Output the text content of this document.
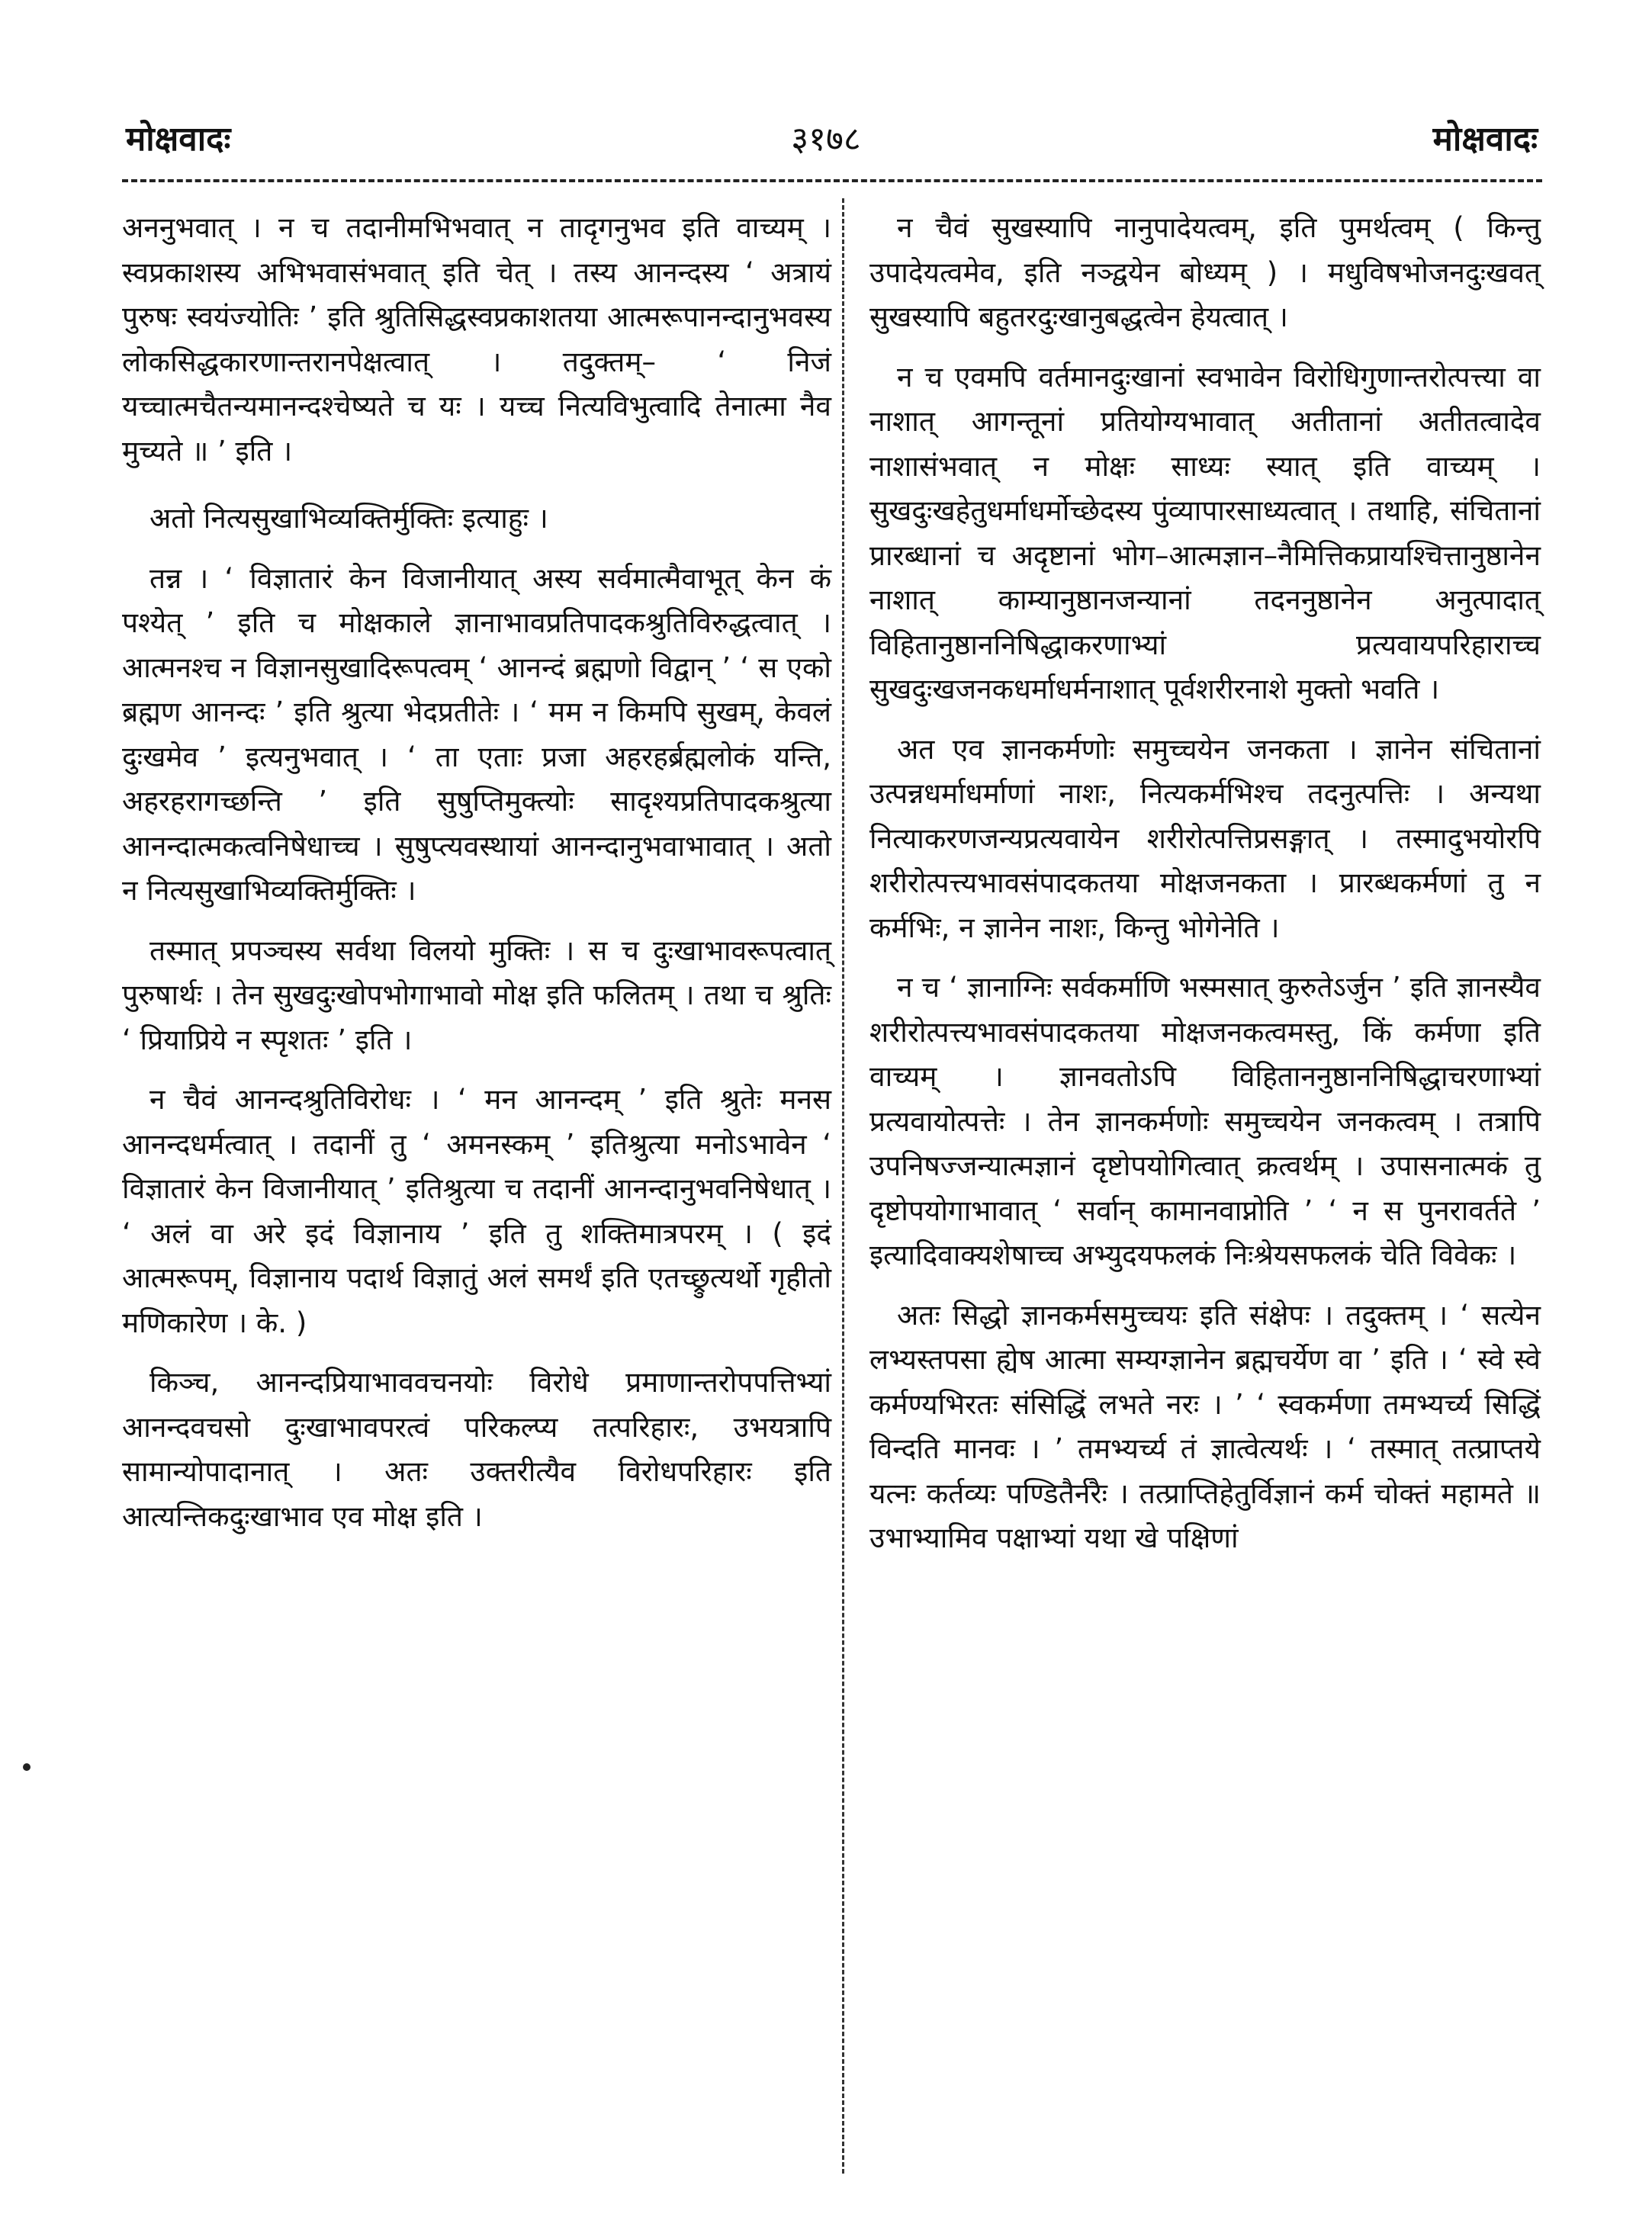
३१७८
मोक्षवादः	मोक्षवादः

अननुभवात् । न च तदानीमभिभवात् न तादृगनुभव इति वाच्यम् । स्वप्रकाशस्य अभिभवासंभवात् इति चेत् । तस्य आनन्दस्य ‘ अत्रायं पुरुषः स्वयंज्योतिः ’ इति श्रुतिसिद्धस्वप्रकाशतया आत्मरूपानन्दानुभवस्य लोकसिद्धकारणान्तरानपेक्षत्वात् । तदुक्तम्– ‘ निजं यच्चात्मचैतन्यमानन्दश्चेष्यते च यः । यच्च नित्यविभुत्वादि तेनात्मा नैव मुच्यते ॥ ’ इति ।

अतो नित्यसुखाभिव्यक्तिर्मुक्तिः इत्याहुः ।

तन्न । ‘ विज्ञातारं केन विजानीयात् अस्य सर्वमात्मैवाभूत् केन कं पश्येत् ’ इति च मोक्षकाले ज्ञानाभावप्रतिपादकश्रुतिविरुद्धत्वात् । आत्मनश्च न विज्ञानसुखादिरूपत्वम् ‘ आनन्दं ब्रह्मणो विद्वान् ’ ‘ स एको ब्रह्मण आनन्दः ’ इति श्रुत्या भेदप्रतीतेः । ‘ मम न किमपि सुखम्, केवलं दुःखमेव ’ इत्यनुभवात् । ‘ ता एताः प्रजा अहरहर्ब्रह्मलोकं यन्ति, अहरहरागच्छन्ति ’ इति सुषुप्तिमुक्त्योः सादृश्यप्रतिपादकश्रुत्या आनन्दात्मकत्वनिषेधाच्च । सुषुप्त्यवस्थायां आनन्दानुभवाभावात् । अतो न नित्यसुखाभिव्यक्तिर्मुक्तिः ।

तस्मात् प्रपञ्चस्य सर्वथा विलयो मुक्तिः । स च दुःखाभावरूपत्वात् पुरुषार्थः । तेन सुखदुःखोपभोगाभावो मोक्ष इति फलितम् । तथा च श्रुतिः ‘ प्रियाप्रिये न स्पृशतः ’ इति ।

न चैवं आनन्दश्रुतिविरोधः । ‘ मन आनन्दम् ’ इति श्रुतेः मनस आनन्दधर्मत्वात् । तदानीं तु ‘ अमनस्कम् ’ इतिश्रुत्या मनोऽभावेन ‘ विज्ञातारं केन विजानीयात् ’ इतिश्रुत्या च तदानीं आनन्दानुभवनिषेधात् । ‘ अलं वा अरे इदं विज्ञानाय ’ इति तु शक्तिमात्रपरम् । ( इदं आत्मरूपम्, विज्ञानाय पदार्थ विज्ञातुं अलं समर्थं इति एतच्छ्रुत्यर्थो गृहीतो मणिकारेण । के. )

किञ्च, आनन्दप्रियाभाववचनयोः विरोधे प्रमाणान्तरोपपत्तिभ्यां आनन्दवचसो दुःखाभावपरत्वं परिकल्प्य तत्परिहारः, उभयत्रापि सामान्योपादानात् । अतः उक्तरीत्यैव विरोधपरिहारः इति आत्यन्तिकदुःखाभाव एव मोक्ष इति ।

न चैवं सुखस्यापि नानुपादेयत्वम्, इति पुमर्थत्वम् ( किन्तु उपादेयत्वमेव, इति नञ्द्वयेन बोध्यम् ) । मधुविषभोजनदुःखवत् सुखस्यापि बहुतरदुःखानुबद्धत्वेन हेयत्वात् ।

न च एवमपि वर्तमानदुःखानां स्वभावेन विरोधिगुणान्तरोत्पत्त्या वा नाशात् आगन्तूनां प्रतियोग्यभावात् अतीतानां अतीतत्वादेव नाशासंभवात् न मोक्षः साध्यः स्यात् इति वाच्यम् । सुखदुःखहेतुधर्माधर्मोच्छेदस्य पुंव्यापारसाध्यत्वात् । तथाहि, संचितानां प्रारब्धानां च अदृष्टानां भोग–आत्मज्ञान–नैमित्तिकप्रायश्चित्तानुष्ठानेन नाशात् काम्यानुष्ठानजन्यानां तदननुष्ठानेन अनुत्पादात् विहितानुष्ठाननिषिद्धाकरणाभ्यां प्रत्यवायपरिहाराच्च सुखदुःखजनकधर्माधर्मनाशात् पूर्वशरीरनाशे मुक्तो भवति ।

अत एव ज्ञानकर्मणोः समुच्चयेन जनकता । ज्ञानेन संचितानां उत्पन्नधर्माधर्माणां नाशः, नित्यकर्मभिश्च तदनुत्पत्तिः । अन्यथा नित्याकरणजन्यप्रत्यवायेन शरीरोत्पत्तिप्रसङ्गात् । तस्मादुभयोरपि शरीरोत्पत्त्यभावसंपादकतया मोक्षजनकता । प्रारब्धकर्मणां तु न कर्मभिः, न ज्ञानेन नाशः, किन्तु भोगेनेति ।

न च ‘ ज्ञानाग्निः सर्वकर्माणि भस्मसात् कुरुतेऽर्जुन ’ इति ज्ञानस्यैव शरीरोत्पत्त्यभावसंपादकतया मोक्षजनकत्वमस्तु, किं कर्मणा इति वाच्यम् । ज्ञानवतोऽपि विहिताननुष्ठाननिषिद्धाचरणाभ्यां प्रत्यवायोत्पत्तेः । तेन ज्ञानकर्मणोः समुच्चयेन जनकत्वम् । तत्रापि उपनिषज्जन्यात्मज्ञानं दृष्टोपयोगित्वात् क्रत्वर्थम् । उपासनात्मकं तु दृष्टोपयोगाभावात् ‘ सर्वान् कामानवाप्नोति ’ ‘ न स पुनरावर्तते ’ इत्यादिवाक्यशेषाच्च अभ्युदयफलकं निःश्रेयसफलकं चेति विवेकः ।

अतः सिद्धो ज्ञानकर्मसमुच्चयः इति संक्षेपः । तदुक्तम् । ‘ सत्येन लभ्यस्तपसा ह्येष आत्मा सम्यग्ज्ञानेन ब्रह्मचर्येण वा ’ इति । ‘ स्वे स्वे कर्मण्यभिरतः संसिद्धिं लभते नरः । ’ ‘ स्वकर्मणा तमभ्यर्च्य सिद्धिं विन्दति मानवः । ’ तमभ्यर्च्य तं ज्ञात्वेत्यर्थः । ‘ तस्मात् तत्प्राप्तये यत्नः कर्तव्यः पण्डितैर्नरैः । तत्प्राप्तिहेतुर्विज्ञानं कर्म चोक्तं महामते ॥ उभाभ्यामिव पक्षाभ्यां यथा खे पक्षिणां
